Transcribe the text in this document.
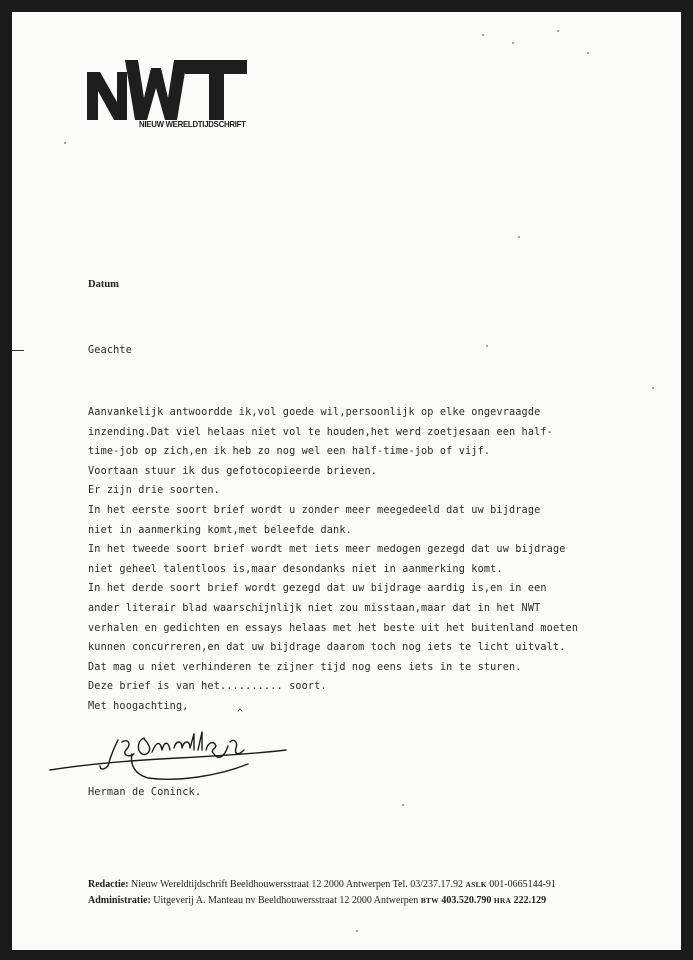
NWT
NIEUW WERELDTIJDSCHRIFT
Datum
Geachte
Aanvankelijk antwoordde ik,vol goede wil,persoonlijk op elke ongevraagde
inzending.Dat viel helaas niet vol te houden,het werd zoetjesaan een half-
time-job op zich,en ik heb zo nog wel een half-time-job of vijf.
Voortaan stuur ik dus gefotocopieerde brieven.
Er zijn drie soorten.
In het eerste soort brief wordt u zonder meer meegedeeld dat uw bijdrage
niet in aanmerking komt,met beleefde dank.
In het tweede soort brief wordt met iets meer medogen gezegd dat uw bijdrage
niet geheel talentloos is,maar desondanks niet in aanmerking komt.
In het derde soort brief wordt gezegd dat uw bijdrage aardig is,en in een
ander literair blad waarschijnlijk niet zou misstaan,maar dat in het NWT
verhalen en gedichten en essays helaas met het beste uit het buitenland moeten
kunnen concurreren,en dat uw bijdrage daarom toch nog iets te licht uitvalt.
Dat mag u niet verhinderen te zijner tijd nog eens iets in te sturen.
Deze brief is van het.......... soort.
Met hoogachting,
^
Herman de Coninck.
Redactie: Nieuw Wereldtijdschrift Beeldhouwersstraat 12 2000 Antwerpen Tel. 03/237.17.92 ASLK 001-0665144-91
Administratie: Uitgeverij A. Manteau nv Beeldhouwersstraat 12 2000 Antwerpen BTW 403.520.790 HRA 222.129
